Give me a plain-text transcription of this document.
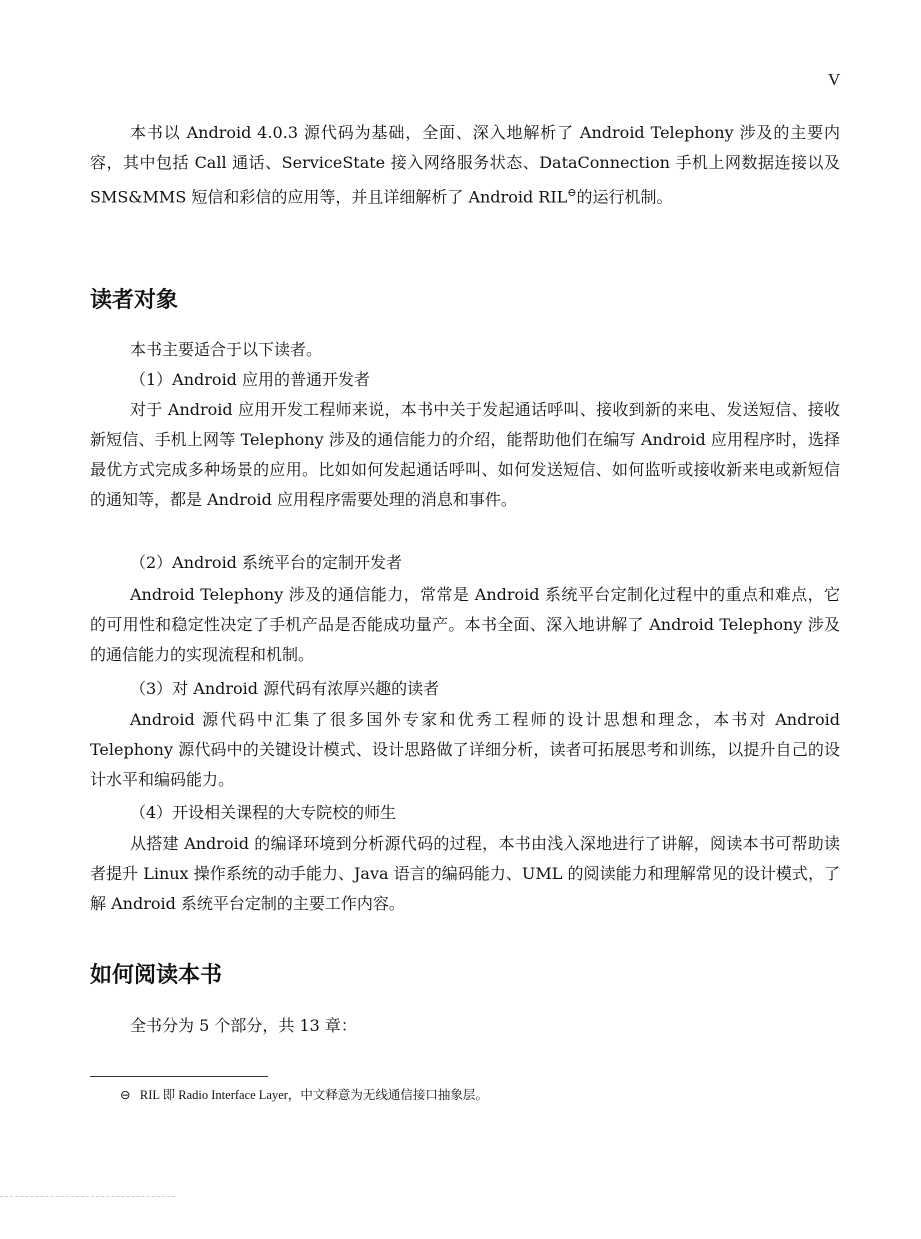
V

本书以 Android 4.0.3 源代码为基础，全面、深入地解析了 Android Telephony 涉及的主要内容，其中包括 Call 通话、ServiceState 接入网络服务状态、DataConnection 手机上网数据连接以及 SMS&MMS 短信和彩信的应用等，并且详细解析了 Android RIL⊖的运行机制。

读者对象
本书主要适合于以下读者。
（1）Android 应用的普通开发者

对于 Android 应用开发工程师来说，本书中关于发起通话呼叫、接收到新的来电、发送短信、接收新短信、手机上网等 Telephony 涉及的通信能力的介绍，能帮助他们在编写 Android 应用程序时，选择最优方式完成多种场景的应用。比如如何发起通话呼叫、如何发送短信、如何监听或接收新来电或新短信的通知等，都是 Android 应用程序需要处理的消息和事件。

（2）Android 系统平台的定制开发者

Android Telephony 涉及的通信能力，常常是 Android 系统平台定制化过程中的重点和难点，它的可用性和稳定性决定了手机产品是否能成功量产。本书全面、深入地讲解了 Android Telephony 涉及的通信能力的实现流程和机制。

（3）对 Android 源代码有浓厚兴趣的读者

Android 源代码中汇集了很多国外专家和优秀工程师的设计思想和理念，本书对 Android Telephony 源代码中的关键设计模式、设计思路做了详细分析，读者可拓展思考和训练，以提升自己的设计水平和编码能力。

（4）开设相关课程的大专院校的师生

从搭建 Android 的编译环境到分析源代码的过程，本书由浅入深地进行了讲解，阅读本书可帮助读者提升 Linux 操作系统的动手能力、Java 语言的编码能力、UML 的阅读能力和理解常见的设计模式，了解 Android 系统平台定制的主要工作内容。

如何阅读本书
全书分为 5 个部分，共 13 章：
⊖ RIL 即 Radio Interface Layer，中文释意为无线通信接口抽象层。
